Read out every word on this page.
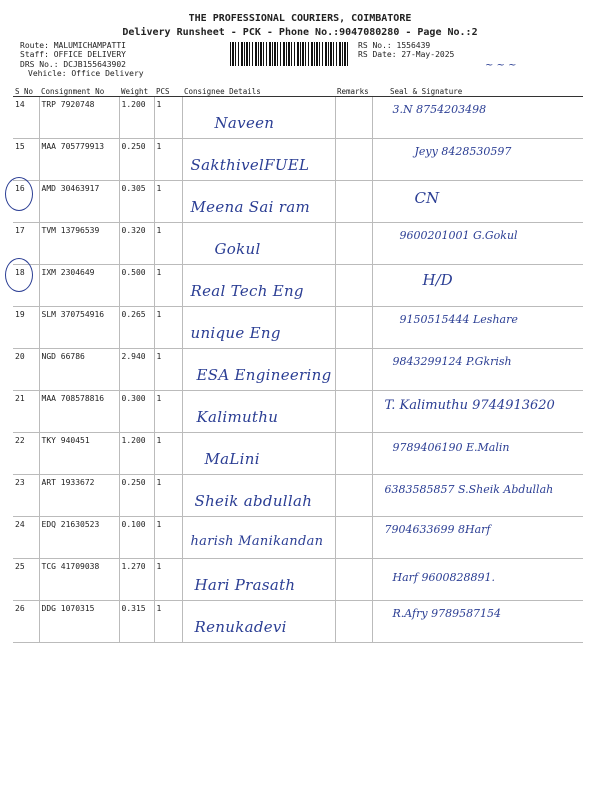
THE PROFESSIONAL COURIERS, COIMBATORE
Delivery Runsheet - PCK - Phone No.:9047080280 - Page No.:2
Route: MALUMICHAMPATTI
Staff: OFFICE DELIVERY
DRS No.: DCJB155643902
Vehicle: Office Delivery
RS No.: 1556439
RS Date: 27-May-2025
~ ~ ~
S No	Consignment No	Weight	PCS	Consignee Details	Remarks	Seal & Signature
14	TRP 7920748	1.200	1	Naveen		3.N 8754203498

15	MAA 705779913	0.250	1	SakthivelFUEL		Jeyy 8428530597

16	AMD 30463917	0.305	1	Meena Sai ram		CN

17	TVM 13796539	0.320	1	Gokul		9600201001 G.Gokul

18	IXM 2304649	0.500	1	Real Tech Eng		H/D

19	SLM 370754916	0.265	1	unique Eng		9150515444 Leshare

20	NGD 66786	2.940	1	ESA Engineering		9843299124 P.Gkrish

21	MAA 708578816	0.300	1	Kalimuthu		T. Kalimuthu 9744913620

22	TKY 940451	1.200	1	MaLini		9789406190 E.Malin

23	ART 1933672	0.250	1	Sheik abdullah		6383585857 S.Sheik Abdullah

24	EDQ 21630523	0.100	1	harish Manikandan		7904633699 8Harf

25	TCG 41709038	1.270	1	Hari Prasath		Harf 9600828891.

26	DDG 1070315	0.315	1	Renukadevi		R.Afry 9789587154
